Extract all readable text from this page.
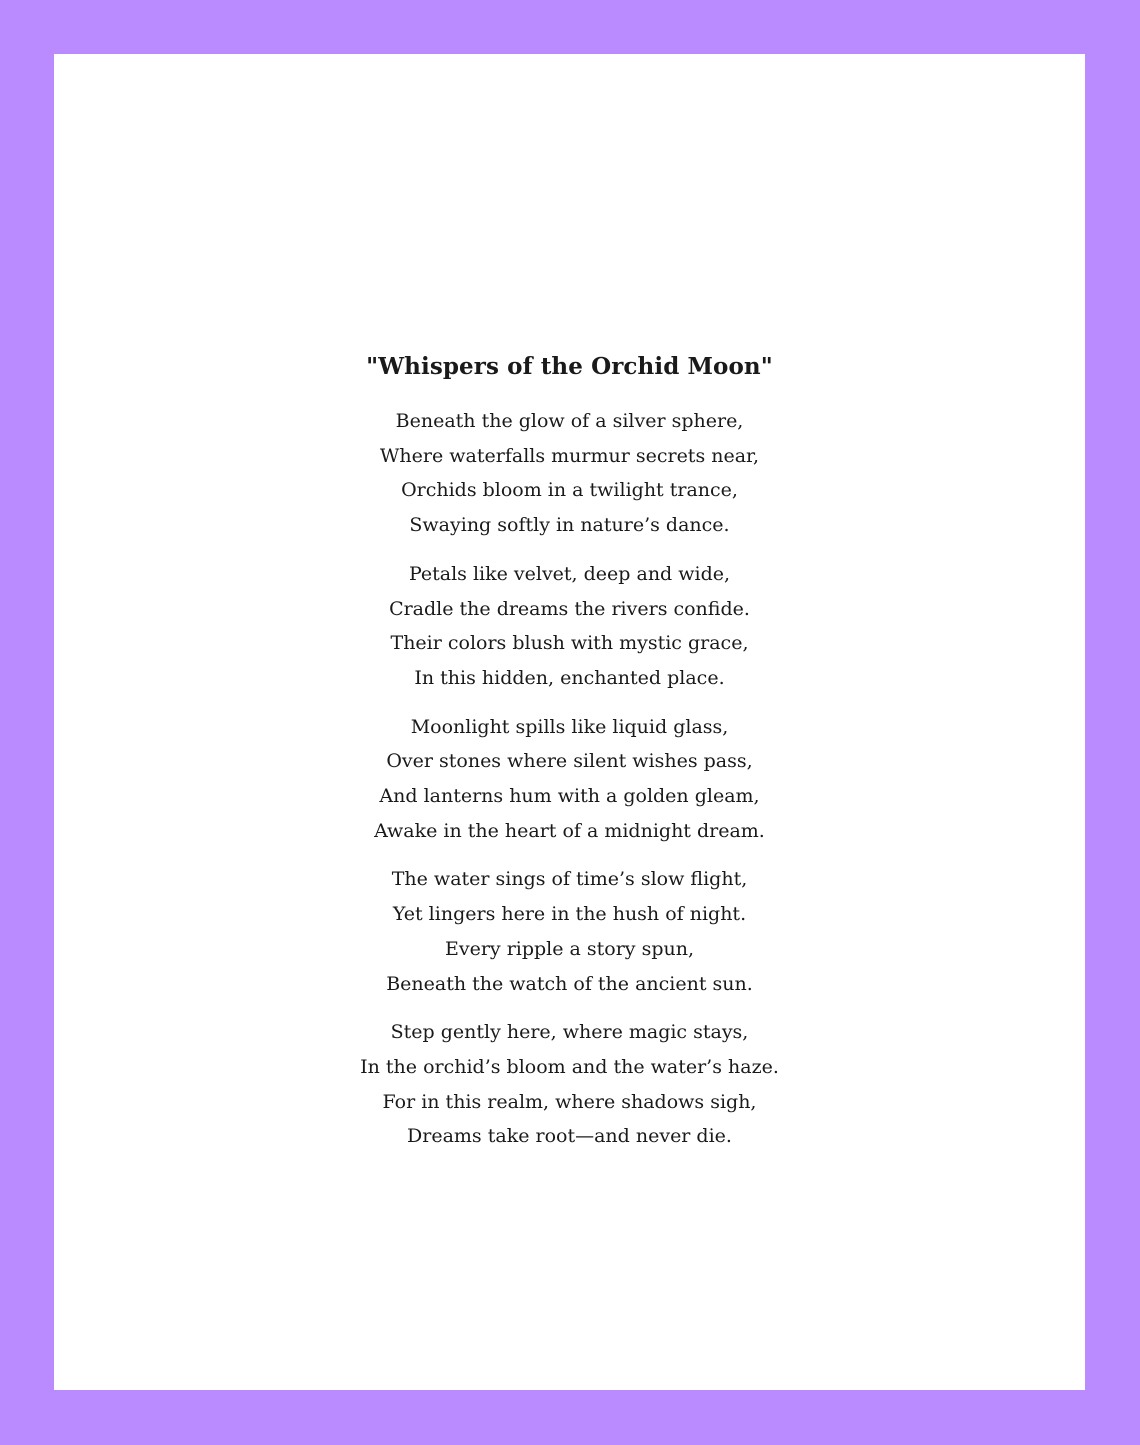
"Whispers of the Orchid Moon"
Beneath the glow of a silver sphere,
Where waterfalls murmur secrets near,
Orchids bloom in a twilight trance,
Swaying softly in nature’s dance.
Petals like velvet, deep and wide,
Cradle the dreams the rivers confide.
Their colors blush with mystic grace,
In this hidden, enchanted place.
Moonlight spills like liquid glass,
Over stones where silent wishes pass,
And lanterns hum with a golden gleam,
Awake in the heart of a midnight dream.
The water sings of time’s slow flight,
Yet lingers here in the hush of night.
Every ripple a story spun,
Beneath the watch of the ancient sun.
Step gently here, where magic stays,
In the orchid’s bloom and the water’s haze.
For in this realm, where shadows sigh,
Dreams take root—and never die.
